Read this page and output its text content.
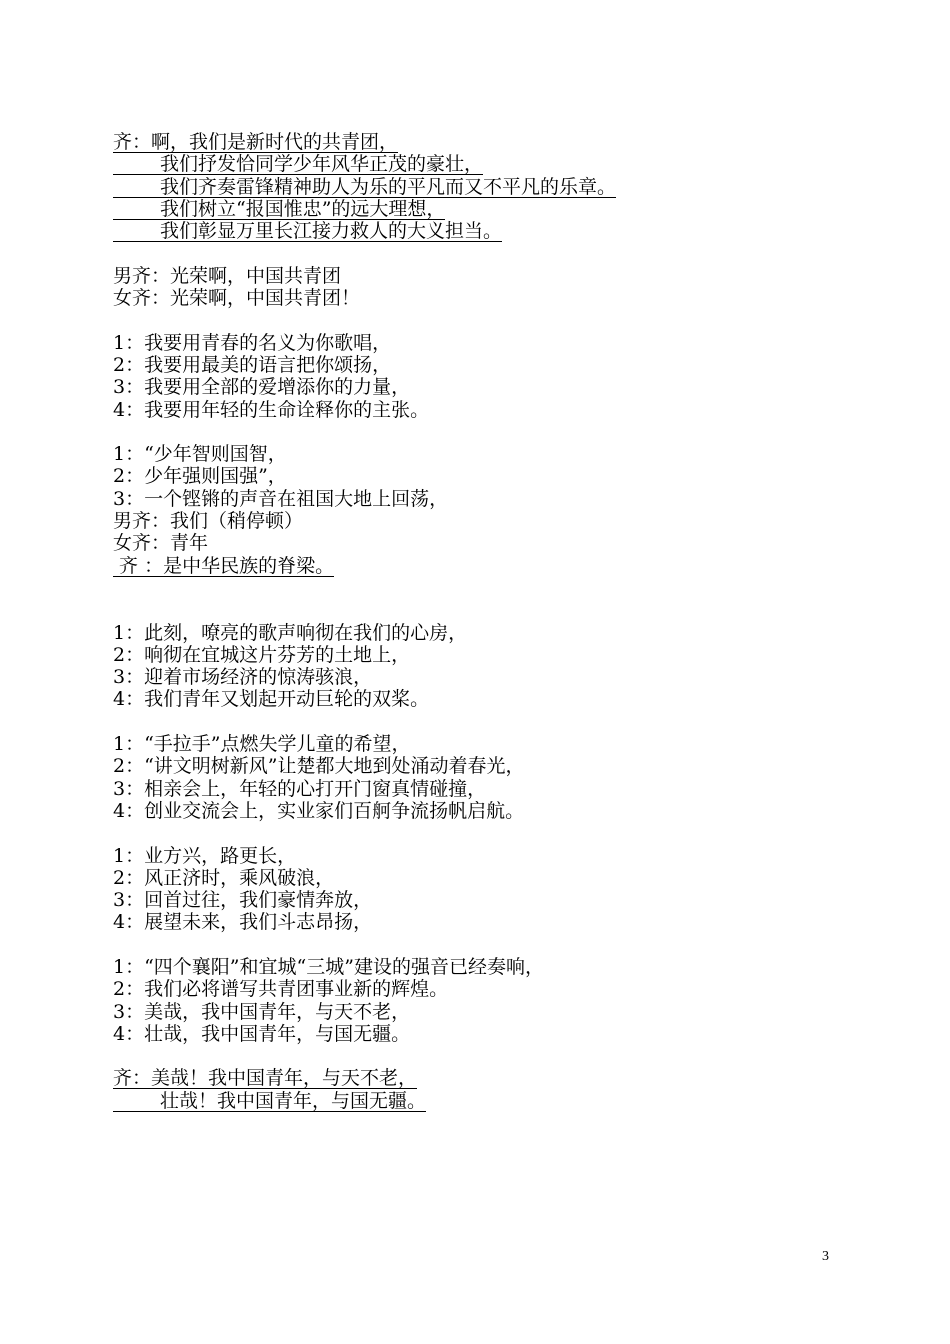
齐：啊，我们是新时代的共青团，
我们抒发恰同学少年风华正茂的豪壮，
我们齐奏雷锋精神助人为乐的平凡而又不平凡的乐章。
我们树立“报国惟忠”的远大理想，
我们彰显万里长江接力救人的大义担当。
男齐：光荣啊，中国共青团
女齐：光荣啊，中国共青团！
1：我要用青春的名义为你歌唱，
2：我要用最美的语言把你颂扬，
3：我要用全部的爱增添你的力量，
4：我要用年轻的生命诠释你的主张。
1：“少年智则国智，
2：少年强则国强”，
3：一个铿锵的声音在祖国大地上回荡，
男齐：我们（稍停顿）
女齐：青年
齐 ：是中华民族的脊梁。
1：此刻，嘹亮的歌声响彻在我们的心房，
2：响彻在宜城这片芬芳的土地上，
3：迎着市场经济的惊涛骇浪，
4：我们青年又划起开动巨轮的双桨。
1：“手拉手”点燃失学儿童的希望，
2：“讲文明树新风”让楚都大地到处涌动着春光，
3：相亲会上，年轻的心打开门窗真情碰撞，
4：创业交流会上，实业家们百舸争流扬帆启航。
1：业方兴，路更长，
2：风正济时，乘风破浪，
3：回首过往，我们豪情奔放，
4：展望未来，我们斗志昂扬，
1：“四个襄阳”和宜城“三城”建设的强音已经奏响，
2：我们必将谱写共青团事业新的辉煌。
3：美哉，我中国青年，与天不老，
4：壮哉，我中国青年，与国无疆。
齐：美哉！我中国青年，与天不老，
壮哉！我中国青年，与国无疆。
3
